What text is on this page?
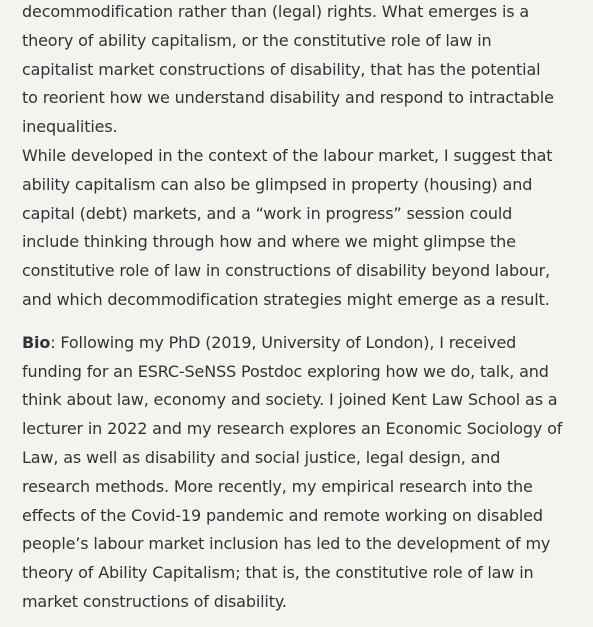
decommodification rather than (legal) rights. What emerges is a
theory of ability capitalism, or the constitutive role of law in
capitalist market constructions of disability, that has the potential
to reorient how we understand disability and respond to intractable
inequalities.

While developed in the context of the labour market, I suggest that
ability capitalism can also be glimpsed in property (housing) and
capital (debt) markets, and a “work in progress” session could
include thinking through how and where we might glimpse the
constitutive role of law in constructions of disability beyond labour,
and which decommodification strategies might emerge as a result.

Bio: Following my PhD (2019, University of London), I received
funding for an ESRC-SeNSS Postdoc exploring how we do, talk, and
think about law, economy and society. I joined Kent Law School as a
lecturer in 2022 and my research explores an Economic Sociology of
Law, as well as disability and social justice, legal design, and
research methods. More recently, my empirical research into the
effects of the Covid-19 pandemic and remote working on disabled
people’s labour market inclusion has led to the development of my
theory of Ability Capitalism; that is, the constitutive role of law in
market constructions of disability.
